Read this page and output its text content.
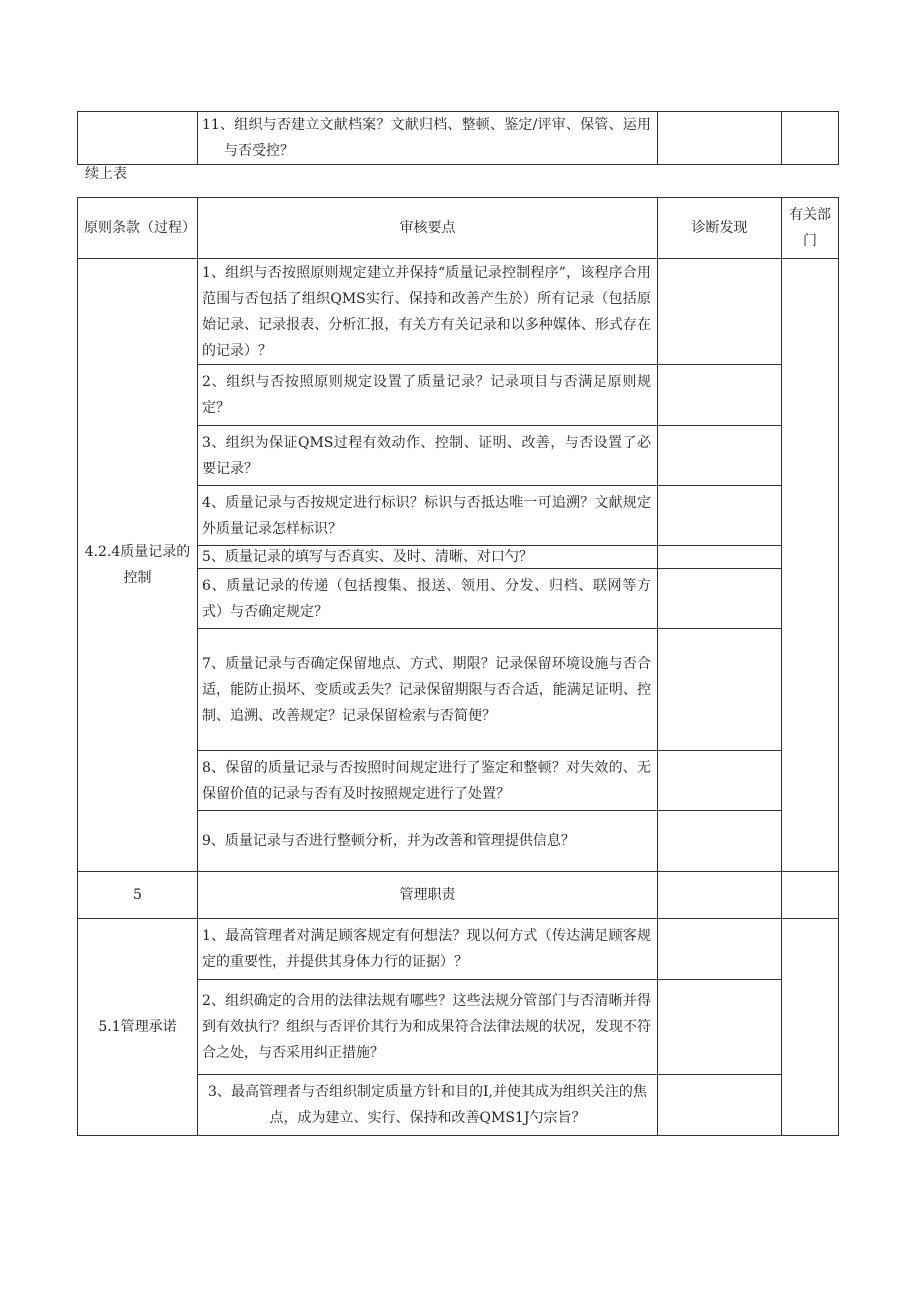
	11、组织与否建立文献档案？文献归档、整顿、鉴定/评审、保管、运用与否受控？		
续上表
原则条款（过程）	审核要点	诊断发现	有关部门
4.2.4质量记录的控制	1、组织与否按照原则规定建立并保持“质量记录控制程序”，该程序合用范围与否包括了组织QMS实行、保持和改善产生於）所有记录（包括原始记录、记录报表、分析汇报，有关方有关记录和以多种媒体、形式存在的记录）？		
	2、组织与否按照原则规定设置了质量记录？记录项目与否满足原则规定？		
	3、组织为保证QMS过程有效动作、控制、证明、改善，与否设置了必要记录？		
	4、质量记录与否按规定进行标识？标识与否抵达唯一可追溯？文献规定外质量记录怎样标识？		
	5、质量记录的填写与否真实、及时、清晰、对口勺？		
	6、质量记录的传递（包括搜集、报送、领用、分发、归档、联网等方式）与否确定规定？		
	7、质量记录与否确定保留地点、方式、期限？记录保留环境设施与否合适，能防止损坏、变质或丢失？记录保留期限与否合适，能满足证明、控制、追溯、改善规定？记录保留检索与否简便？		
	8、保留的质量记录与否按照时间规定进行了鉴定和整顿？对失效的、无保留价值的记录与否有及时按照规定进行了处置？		
	9、质量记录与否进行整顿分析，并为改善和管理提供信息？		
5	管理职责		
5.1管理承诺	1、最高管理者对满足顾客规定有何想法？现以何方式（传达满足顾客规定的重要性，并提供其身体力行的证据）？		
	2、组织确定的合用的法律法规有哪些？这些法规分管部门与否清晰并得到有效执行？组织与否评价其行为和成果符合法律法规的状况，发现不符合之处，与否采用纠正措施？		
	3、最高管理者与否组织制定质量方针和目的I,并使其成为组织关注的焦点，成为建立、实行、保持和改善QMS1J勺宗旨？		
